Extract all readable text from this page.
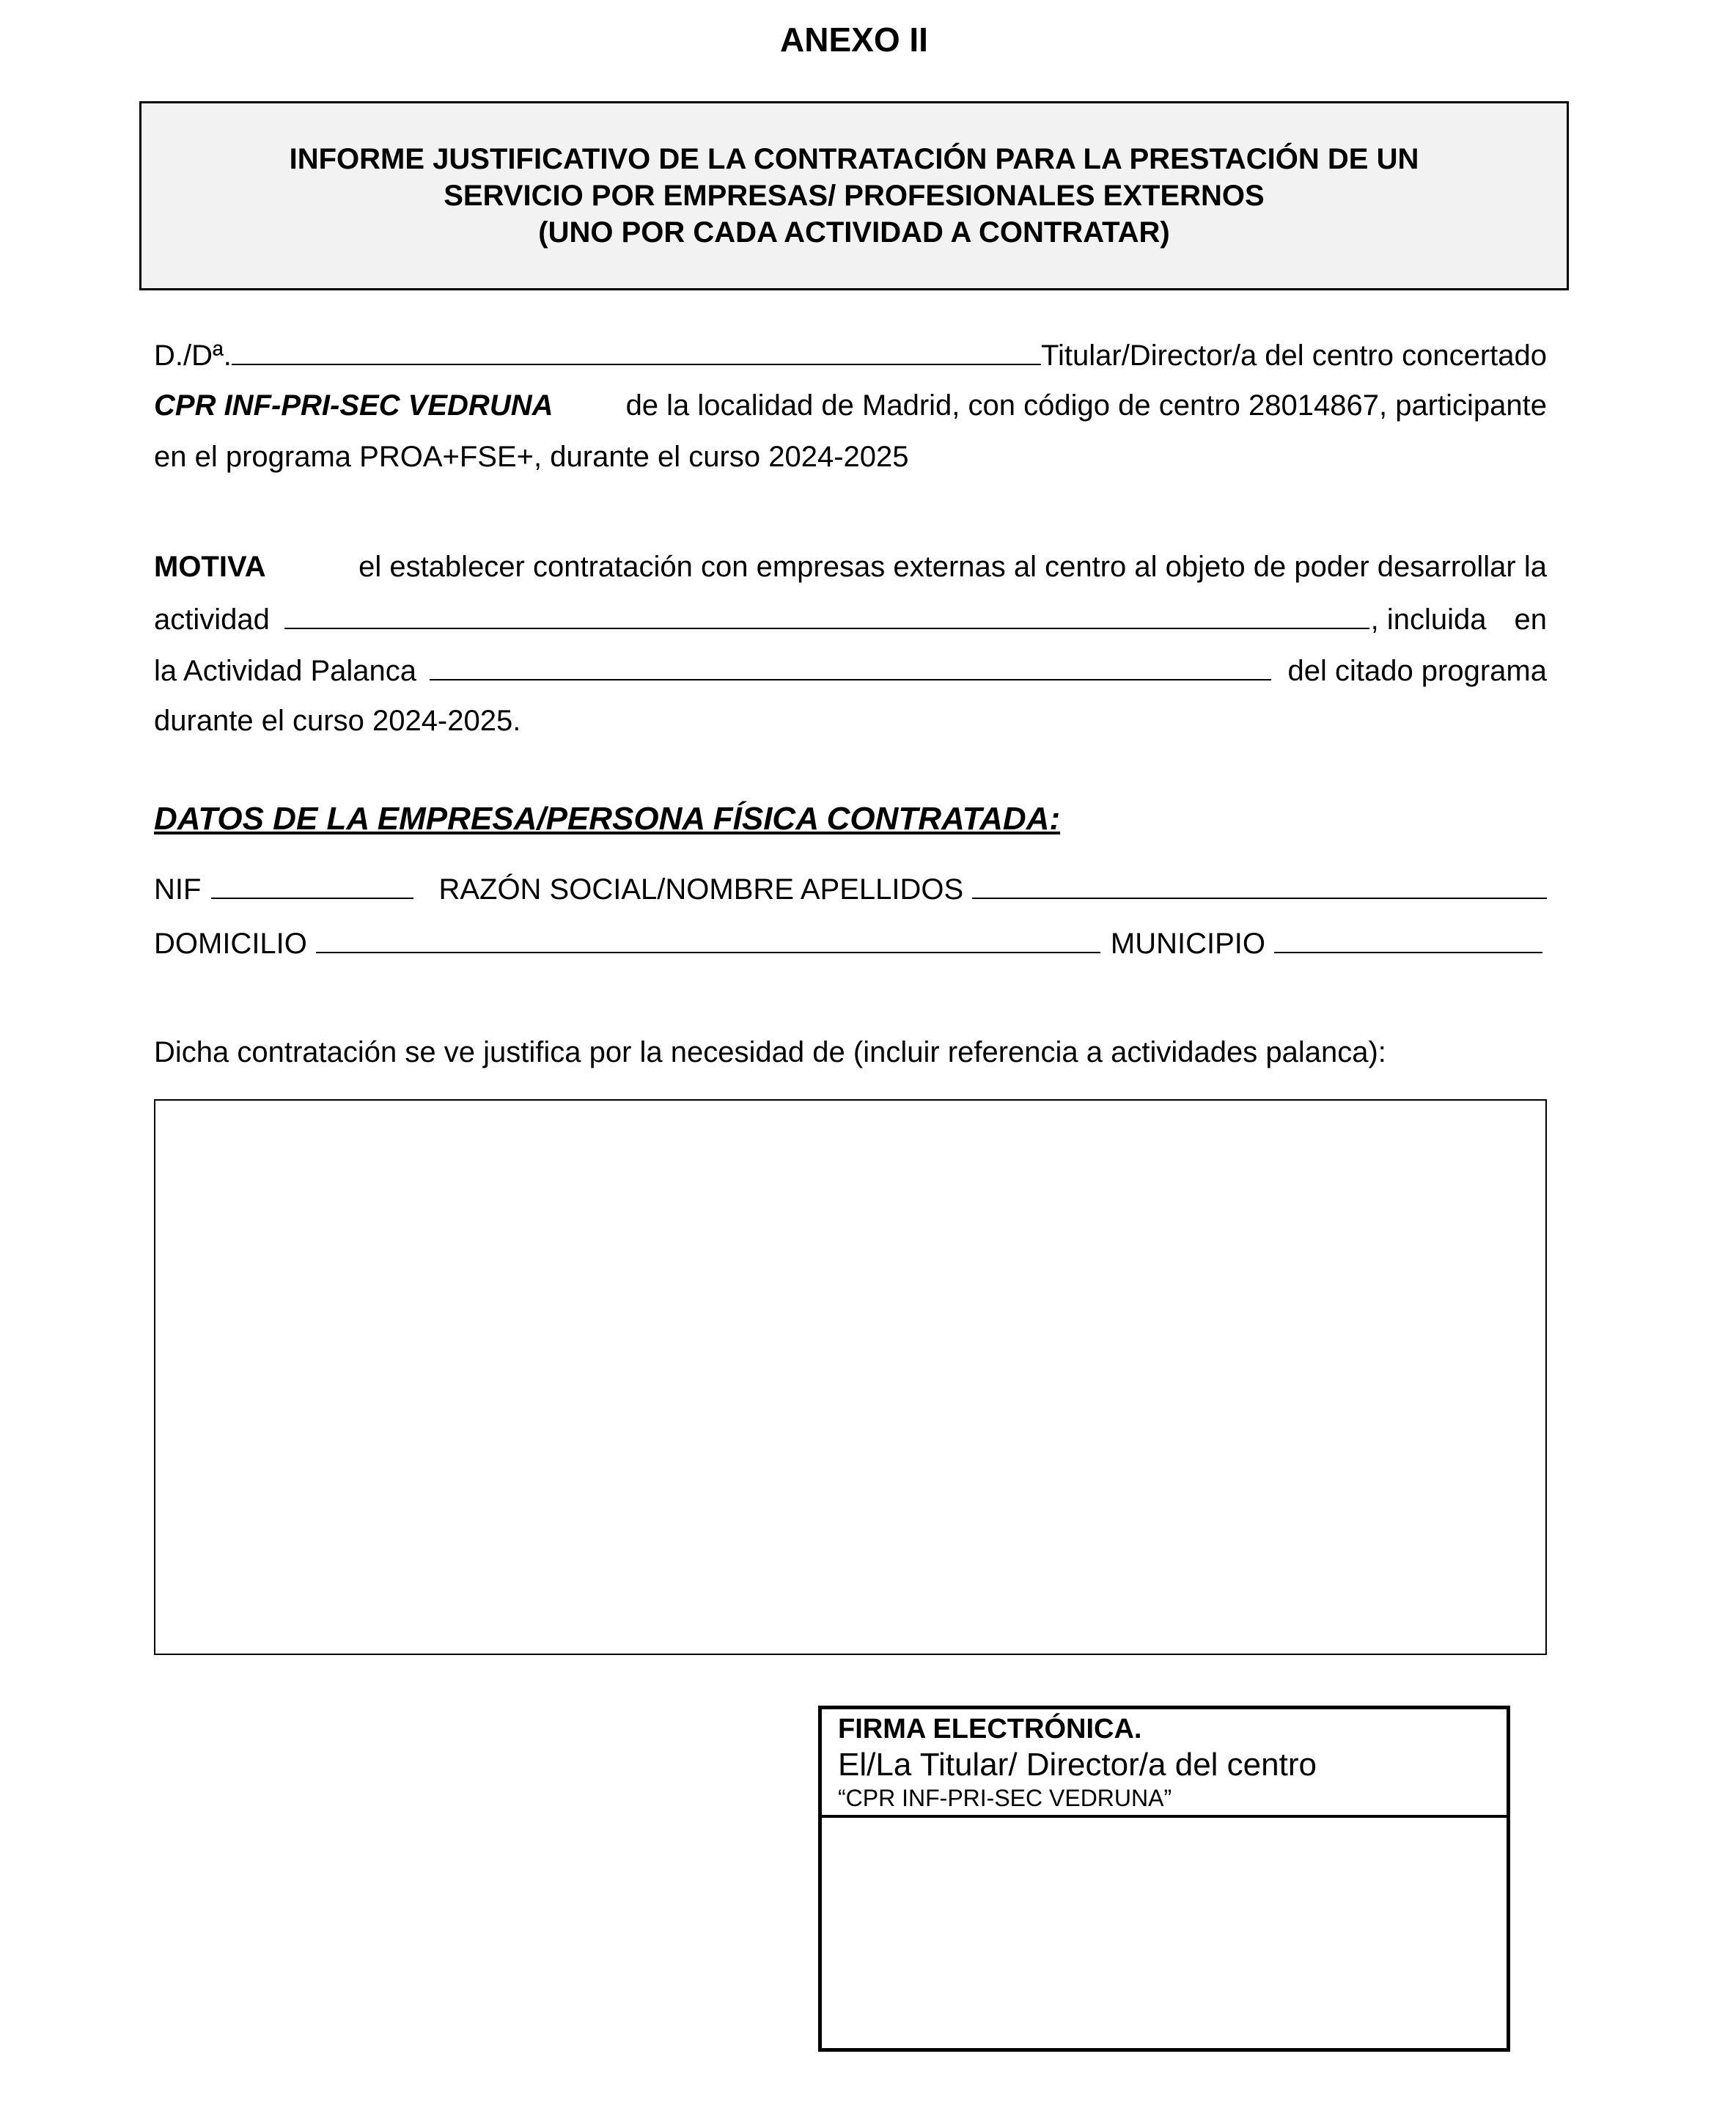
ANEXO II
INFORME JUSTIFICATIVO DE LA CONTRATACIÓN PARA LA PRESTACIÓN DE UN
SERVICIO POR EMPRESAS/ PROFESIONALES EXTERNOS
(UNO POR CADA ACTIVIDAD A CONTRATAR)
D./Dª.	Titular/Director/a del centro concertado
CPR INF-PRI-SEC VEDRUNA de la localidad de Madrid, con código de centro 28014867, participante
en el programa PROA+FSE+, durante el curso 2024-2025
MOTIVA	el establecer contratación con empresas externas al centro al objeto de poder desarrollar la
actividad	, incluida en
la Actividad Palanca	del citado programa
durante el curso 2024-2025.
DATOS DE LA EMPRESA/PERSONA FÍSICA CONTRATADA:
NIF	RAZÓN SOCIAL/NOMBRE APELLIDOS
DOMICILIO	MUNICIPIO
Dicha contratación se ve justifica por la necesidad de (incluir referencia a actividades palanca):
FIRMA ELECTRÓNICA.
El/La Titular/ Director/a del centro
“CPR INF-PRI-SEC VEDRUNA”
